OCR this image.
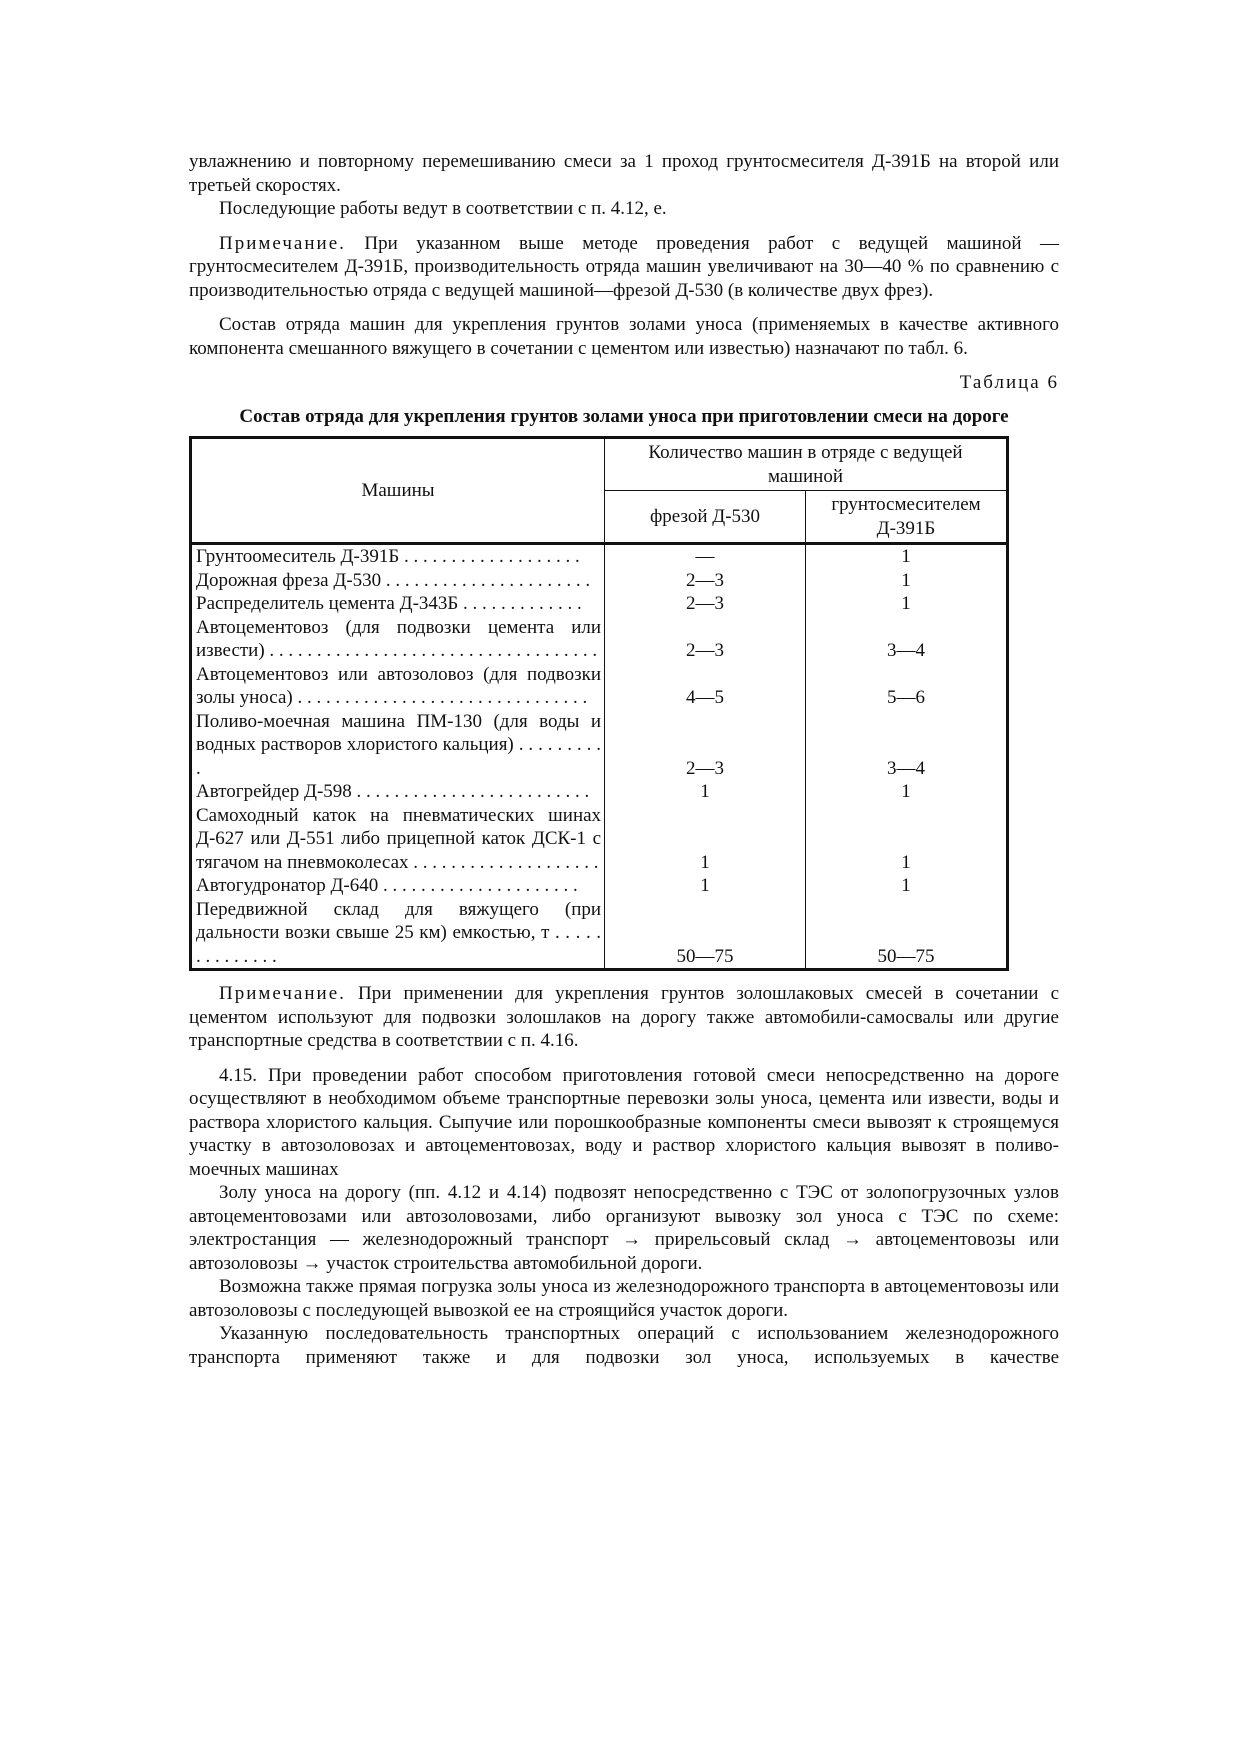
увлажнению и повторному перемешиванию смеси за 1 проход грунтосмесителя Д-391Б на второй или третьей скоростях.

Последующие работы ведут в соответствии с п. 4.12, е.

Примечание. При указанном выше методе проведения работ с ведущей машиной — грунтосмесителем Д-391Б, производительность отряда машин увеличивают на 30—40 % по сравнению с производительностью отряда с ведущей машиной—фрезой Д-530 (в количестве двух фрез).

Состав отряда машин для укрепления грунтов золами уноса (применяемых в качестве активного компонента смешанного вяжущего в сочетании с цементом или известью) назначают по табл. 6.

Таблица 6

Состав отряда для укрепления грунтов золами уноса при приготовлении смеси на дороге

Машины	Количество машин в отряде с ведущей машиной	
	фрезой Д-530	грунтосмесителем Д-391Б
Грунтоомеситель Д-391Б . . . . . . . . . . . . . . . . . . .	—	1
Дорожная фреза Д-530 . . . . . . . . . . . . . . . . . . . . . .	2—3	1
Распределитель цемента Д-343Б . . . . . . . . . . . . .	2—3	1
Автоцементовоз (для подвозки цемента или извести) . . . . . . . . . . . . . . . . . . . . . . . . . . . . . . . . . . .	2—3	3—4
Автоцементовоз или автозоловоз (для подвозки золы уноса) . . . . . . . . . . . . . . . . . . . . . . . . . . . . . . .	4—5	5—6
Поливо-моечная машина ПМ-130 (для воды и водных растворов хлористого кальция) . . . . . . . . . .	2—3	3—4
Автогрейдер Д-598 . . . . . . . . . . . . . . . . . . . . . . . . .	1	1
Самоходный каток на пневматических шинах Д-627 или Д-551 либо прицепной каток ДСК-1 с тягачом на пневмоколесах . . . . . . . . . . . . . . . . . . . .	1	1
Автогудронатор Д-640 . . . . . . . . . . . . . . . . . . . . .	1	1
Передвижной склад для вяжущего (при дальности возки свыше 25 км) емкостью, т . . . . . . . . . . . . . .	50—75	50—75

Примечание. При применении для укрепления грунтов золошлаковых смесей в сочетании с цементом используют для подвозки золошлаков на дорогу также автомобили-самосвалы или другие транспортные средства в соответствии с п. 4.16.

4.15. При проведении работ способом приготовления готовой смеси непосредственно на дороге осуществляют в необходимом объеме транспортные перевозки золы уноса, цемента или извести, воды и раствора хлористого кальция. Сыпучие или порошкообразные компоненты смеси вывозят к строящемуся участку в автозоловозах и автоцементовозах, воду и раствор хлористого кальция вывозят в поливо-моечных машинах

Золу уноса на дорогу (пп. 4.12 и 4.14) подвозят непосредственно с ТЭС от золопогрузочных узлов автоцементовозами или автозоловозами, либо организуют вывозку зол уноса с ТЭС по схеме: электростанция — железнодорожный транспорт → прирельсовый склад → автоцементовозы или автозоловозы → участок строительства автомобильной дороги.

Возможна также прямая погрузка золы уноса из железнодорожного транспорта в автоцементовозы или автозоловозы с последующей вывозкой ее на строящийся участок дороги.

Указанную последовательность транспортных операций с использованием железнодорожного транспорта применяют также и для подвозки зол уноса, используемых в качестве
